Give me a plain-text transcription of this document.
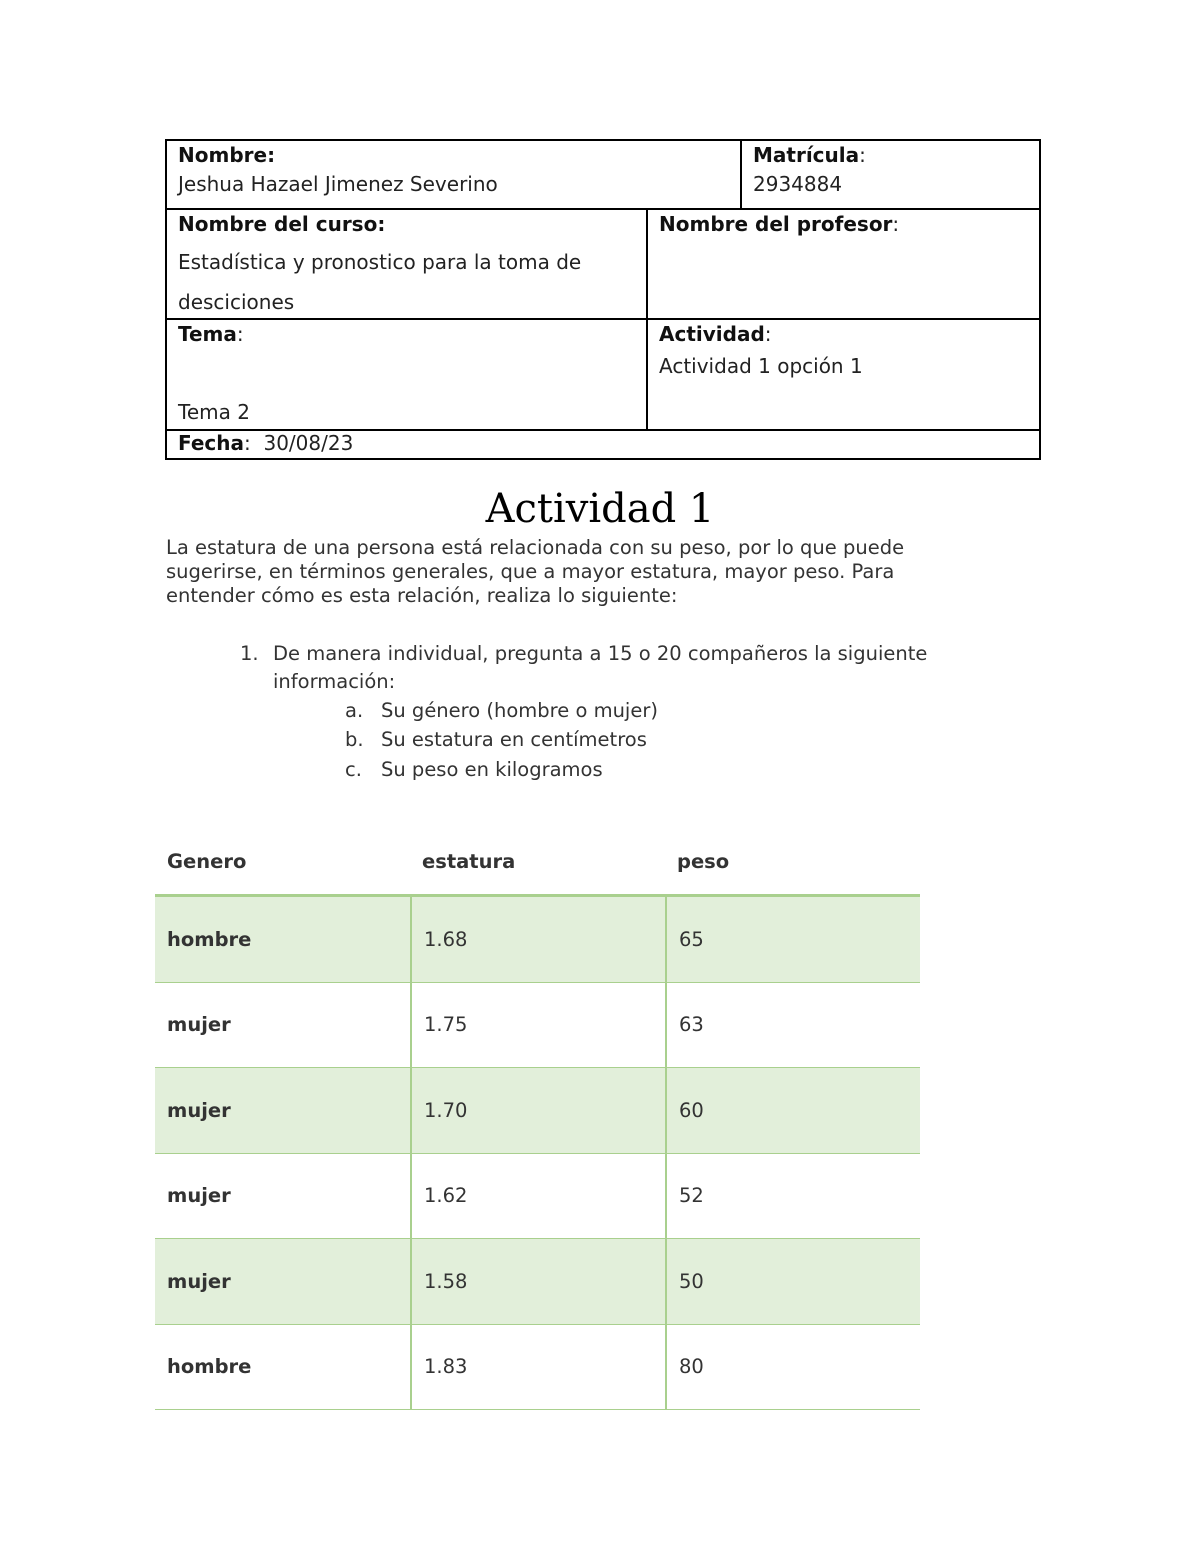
Nombre:
Jeshua Hazael Jimenez Severino
Matrícula:
2934884
Nombre del curso:
Estadística y pronostico para la toma de desciciones
Nombre del profesor:
Tema:
Tema 2
Actividad:
Actividad 1 opción 1
Fecha: 30/08/23
Actividad 1
La estatura de una persona está relacionada con su peso, por lo que puede sugerirse, en términos generales, que a mayor estatura, mayor peso. Para entender cómo es esta relación, realiza lo siguiente:
1. De manera individual, pregunta a 15 o 20 compañeros la siguiente información:
a. Su género (hombre o mujer)
b. Su estatura en centímetros
c. Su peso en kilogramos
Genero	estatura	peso
hombre	1.68	65
mujer	1.75	63
mujer	1.70	60
mujer	1.62	52
mujer	1.58	50
hombre	1.83	80
